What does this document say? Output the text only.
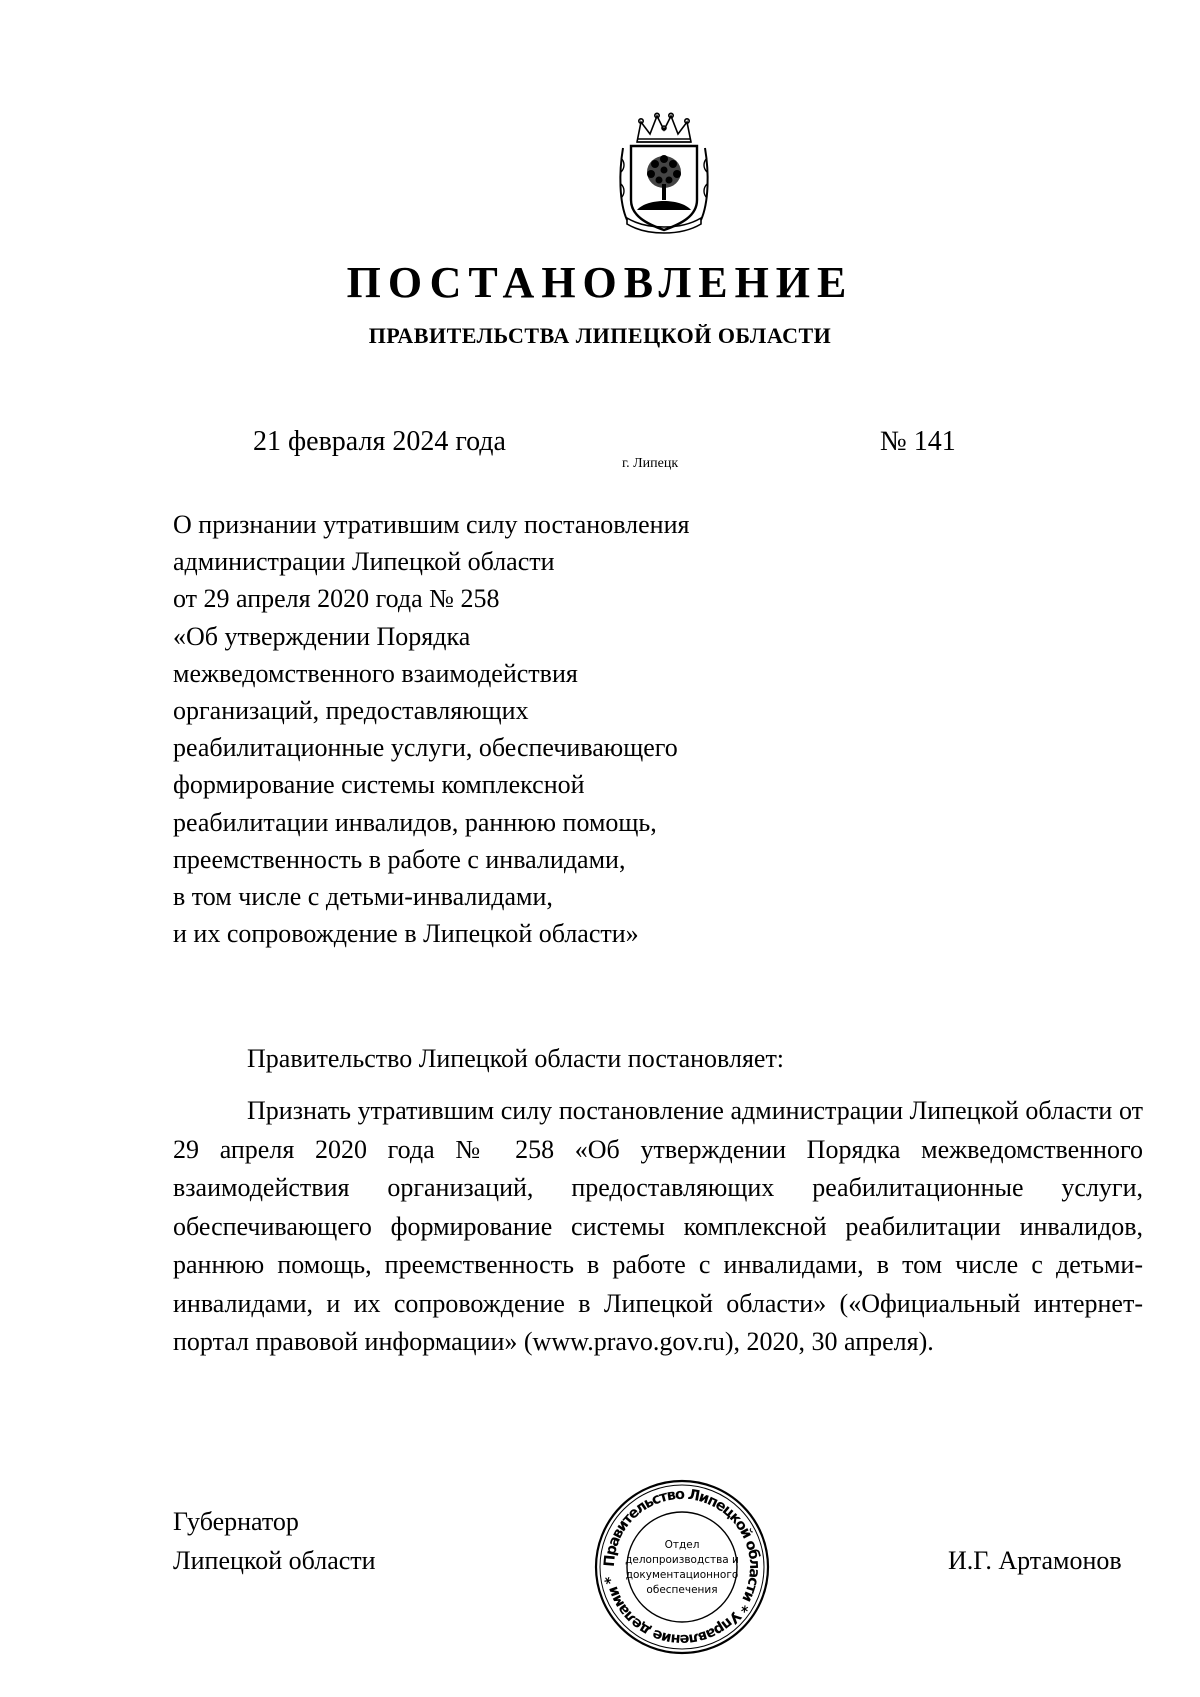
ПОСТАНОВЛЕНИЕ
ПРАВИТЕЛЬСТВА ЛИПЕЦКОЙ ОБЛАСТИ
21 февраля 2024 года
г. Липецк
№ 141
О признании утратившим силу постановления
администрации Липецкой области
от 29 апреля 2020 года № 258
«Об утверждении Порядка
межведомственного взаимодействия
организаций, предоставляющих
реабилитационные услуги, обеспечивающего
формирование системы комплексной
реабилитации инвалидов, раннюю помощь,
преемственность в работе с инвалидами,
в том числе с детьми-инвалидами,
и их сопровождение в Липецкой области»
Правительство Липецкой области постановляет:

Признать утратившим силу постановление администрации Липецкой области от 29 апреля 2020 года № 258 «Об утверждении Порядка межведомственного взаимодействия организаций, предоставляющих реабилитационные услуги, обеспечивающего формирование системы комплексной реабилитации инвалидов, раннюю помощь, преемственность в работе с инвалидами, в том числе с детьми-инвалидами, и их сопровождение в Липецкой области» («Официальный интернет-портал правовой информации» (www.pravo.gov.ru), 2020, 30 апреля).

Губернатор
Липецкой области	Правительство Липецкой области * Управление делами *
Отдел
делопроизводства и
документационного
обеспечения
И.Г. Артамонов
